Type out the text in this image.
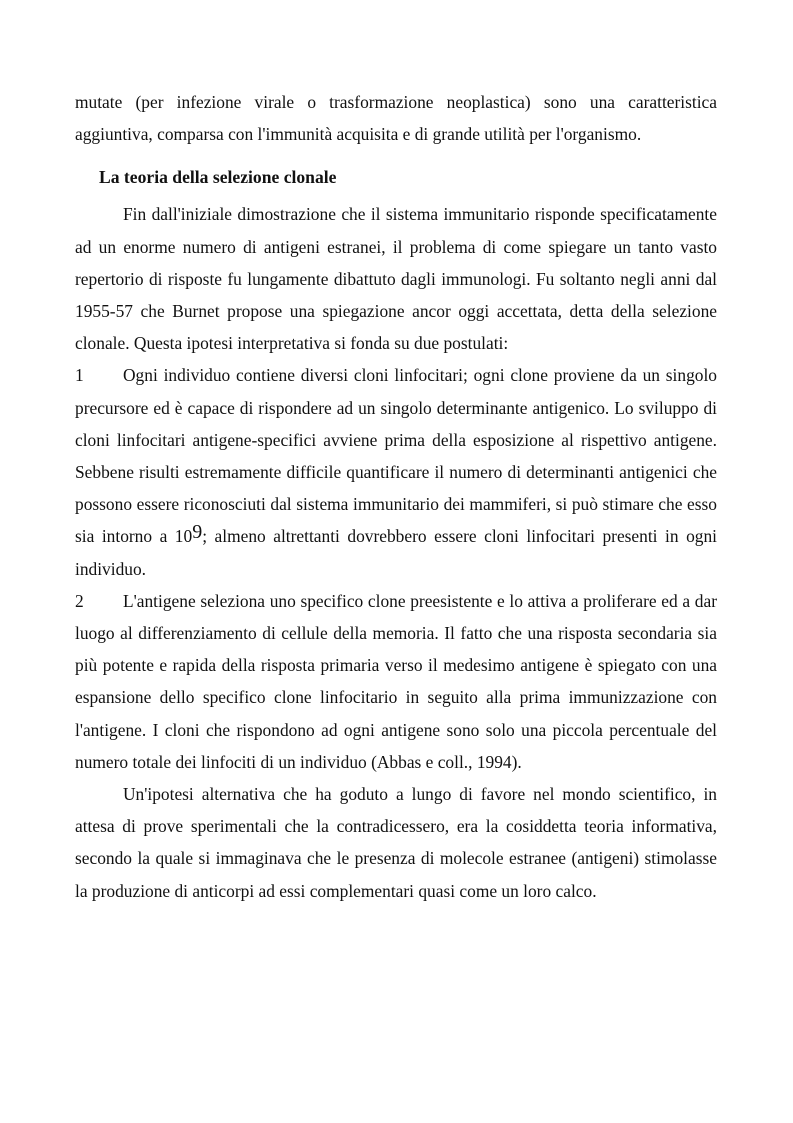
mutate (per infezione virale o trasformazione neoplastica) sono una caratteristica aggiuntiva, comparsa con l'immunità acquisita e di grande utilità per l'organismo.

La teoria della selezione clonale

Fin dall'iniziale dimostrazione che il sistema immunitario risponde specificatamente ad un enorme numero di antigeni estranei, il problema di come spiegare un tanto vasto repertorio di risposte fu lungamente dibattuto dagli immunologi. Fu soltanto negli anni dal 1955-57 che Burnet propose una spiegazione ancor oggi accettata, detta della selezione clonale. Questa ipotesi interpretativa si fonda su due postulati:

1 Ogni individuo contiene diversi cloni linfocitari; ogni clone proviene da un singolo precursore ed è capace di rispondere ad un singolo determinante antigenico. Lo sviluppo di cloni linfocitari antigene-specifici avviene prima della esposizione al rispettivo antigene. Sebbene risulti estremamente difficile quantificare il numero di determinanti antigenici che possono essere riconosciuti dal sistema immunitario dei mammiferi, si può stimare che esso sia intorno a $10^9$; almeno altrettanti dovrebbero essere cloni linfocitari presenti in ogni individuo.

2 L'antigene seleziona uno specifico clone preesistente e lo attiva a proliferare ed a dar luogo al differenziamento di cellule della memoria. Il fatto che una risposta secondaria sia più potente e rapida della risposta primaria verso il medesimo antigene è spiegato con una espansione dello specifico clone linfocitario in seguito alla prima immunizzazione con l'antigene. I cloni che rispondono ad ogni antigene sono solo una piccola percentuale del numero totale dei linfociti di un individuo (Abbas e coll., 1994).

Un'ipotesi alternativa che ha goduto a lungo di favore nel mondo scientifico, in attesa di prove sperimentali che la contradicessero, era la cosiddetta teoria informativa, secondo la quale si immaginava che le presenza di molecole estranee (antigeni) stimolasse la produzione di anticorpi ad essi complementari quasi come un loro calco.
